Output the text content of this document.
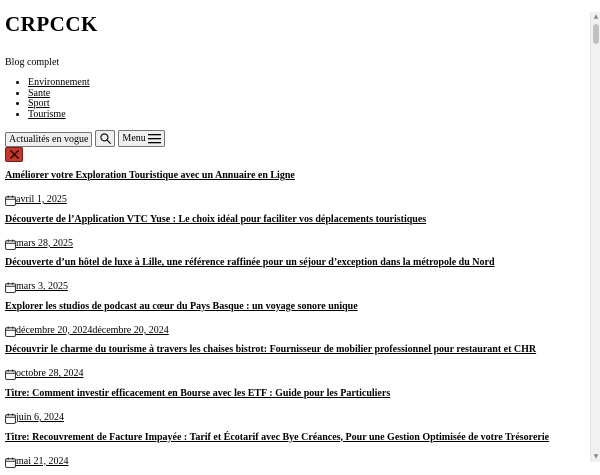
CRPCCK

Blog complet

• Environnement
• Sante
• Sport
• Tourisme
Actualités en vogue	Menu
Améliorer votre Exploration Touristique avec un Annuaire en Ligne
avril 1, 2025
Découverte de l’Application VTC Yuse : Le choix idéal pour faciliter vos déplacements touristiques
mars 28, 2025
Découverte d’un hôtel de luxe à Lille, une référence raffinée pour un séjour d’exception dans la métropole du Nord
mars 3, 2025
Explorer les studios de podcast au cœur du Pays Basque : un voyage sonore unique
décembre 20, 2024décembre 20, 2024
Découvrir le charme du tourisme à travers les chaises bistrot: Fournisseur de mobilier professionnel pour restaurant et CHR
octobre 28, 2024
Titre: Comment investir efficacement en Bourse avec les ETF : Guide pour les Particuliers
juin 6, 2024
Titre: Recouvrement de Facture Impayée : Tarif et Écotarif avec Bye Créances, Pour une Gestion Optimisée de votre Trésorerie
mai 21, 2024
▲
▼
